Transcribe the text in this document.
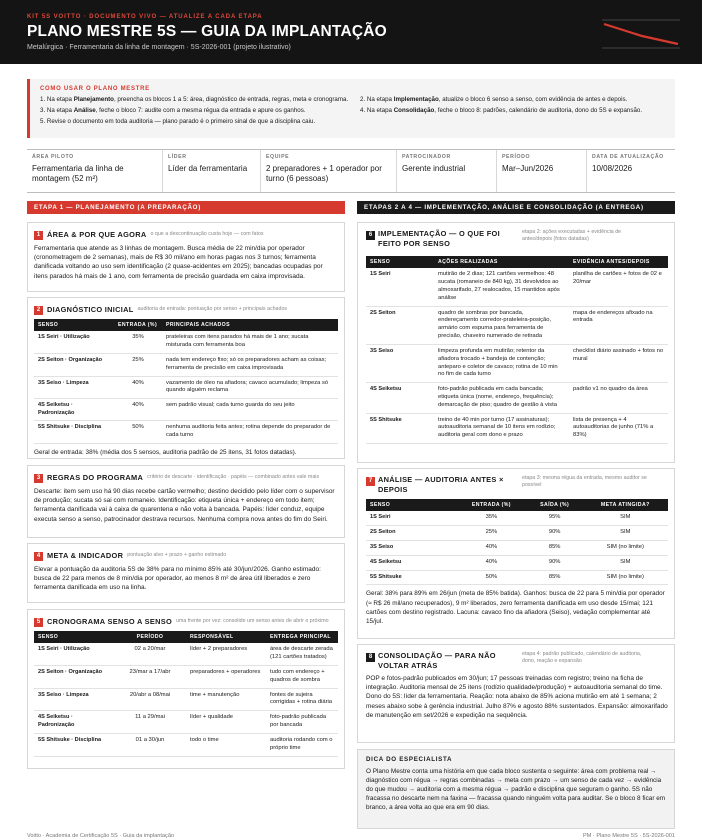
KIT 5S VOITTO · DOCUMENTO VIVO — ATUALIZE A CADA ETAPA
PLANO MESTRE 5S — GUIA DA IMPLANTAÇÃO
Metalúrgica · Ferramentaria da linha de montagem · 5S-2026-001 (projeto ilustrativo)
COMO USAR O PLANO MESTRE
1. Na etapa Planejamento, preencha os blocos 1 a 5: área, diagnóstico de entrada, regras, meta e cronograma.
3. Na etapa Análise, feche o bloco 7: audite com a mesma régua da entrada e apure os ganhos.
5. Revise o documento em toda auditoria — plano parado é o primeiro sinal de que a disciplina caiu.
2. Na etapa Implementação, atualize o bloco 6 senso a senso, com evidência de antes e depois.
4. Na etapa Consolidação, feche o bloco 8: padrões, calendário de auditoria, dono do 5S e expansão.
ÁREA PILOTO
Ferramentaria da linha de montagem (52 m²)
LÍDER
Líder da ferramentaria
EQUIPE
2 preparadores + 1 operador por turno (6 pessoas)
PATROCINADOR
Gerente industrial
PERÍODO
Mar–Jun/2026
DATA DE ATUALIZAÇÃO
10/08/2026
ETAPA 1 — PLANEJAMENTO (A PREPARAÇÃO)	ETAPAS 2 A 4 — IMPLEMENTAÇÃO, ANÁLISE E CONSOLIDAÇÃO (A ENTREGA)
1 ÁREA & POR QUE AGORA o que a descontinuação custa hoje — com fatos
Ferramentaria que atende as 3 linhas de montagem. Busca média de 22 min/dia por operador (cronometragem de 2 semanas), mais de R$ 30 mil/ano em horas pagas nos 3 turnos; ferramenta danificada voltando ao uso sem identificação (2 quase-acidentes em 2025); bancadas ocupadas por itens parados há mais de 1 ano, com ferramenta de precisão guardada em caixa improvisada.
2 DIAGNÓSTICO INICIAL auditoria de entrada: pontuação por senso + principais achados
SENSO	ENTRADA (%)	PRINCIPAIS ACHADOS
1S Seiri · Utilização	35%	prateleiras com itens parados há mais de 1 ano; sucata misturada com ferramenta boa
2S Seiton · Organização	25%	nada tem endereço fixo; só os preparadores acham as coisas; ferramenta de precisão em caixa improvisada
3S Seiso · Limpeza	40%	vazamento de óleo na afiadora; cavaco acumulado; limpeza só quando alguém reclama
4S Seiketsu · Padronização	40%	sem padrão visual; cada turno guarda do seu jeito
5S Shitsuke · Disciplina	50%	nenhuma auditoria feita antes; rotina depende do preparador de cada turno
Geral de entrada: 38% (média dos 5 sensos, auditoria padrão de 25 itens, 31 fotos datadas).
3 REGRAS DO PROGRAMA critério de descarte · identificação · papéis — combinado antes vale mais
Descarte: item sem uso há 90 dias recebe cartão vermelho; destino decidido pelo líder com o supervisor de produção; sucata só sai com romaneio. Identificação: etiqueta única + endereço em todo item; ferramenta danificada vai à caixa de quarentena e não volta à bancada. Papéis: líder conduz, equipe executa senso a senso, patrocinador destrava recursos. Nenhuma compra nova antes do fim do Seiri.
4 META & INDICADOR pontuação alvo + prazo + ganho estimado
Elevar a pontuação da auditoria 5S de 38% para no mínimo 85% até 30/jun/2026. Ganho estimado: busca de 22 para menos de 8 min/dia por operador, ao menos 8 m² de área útil liberados e zero ferramenta danificada em uso na linha.
5 CRONOGRAMA SENSO A SENSO uma frente por vez: consolide um senso antes de abrir o próximo
SENSO	PERÍODO	RESPONSÁVEL	ENTREGA PRINCIPAL
1S Seiri · Utilização	02 a 20/mar	líder + 2 preparadores	área de descarte zerada (121 cartões tratados)
2S Seiton · Organização	23/mar a 17/abr	preparadores + operadores	tudo com endereço + quadros de sombra
3S Seiso · Limpeza	20/abr a 08/mai	time + manutenção	fontes de sujeira corrigidas + rotina diária
4S Seiketsu · Padronização	11 a 29/mai	líder + qualidade	foto-padrão publicada por bancada
5S Shitsuke · Disciplina	01 a 30/jun	todo o time	auditoria rodando com o próprio time
6 IMPLEMENTAÇÃO — O QUE FOI FEITO POR SENSOetapa 2: ações executadas + evidência de antes/depois (fotos datadas)
SENSO	AÇÕES REALIZADAS	EVIDÊNCIA ANTES/DEPOIS
1S Seiri	mutirão de 2 dias; 121 cartões vermelhos: 48 sucata (romaneio de 840 kg), 31 devolvidos ao almoxarifado, 27 realocados, 15 mantidos após análise	planilha de cartões + fotos de 02 e 20/mar
2S Seiton	quadro de sombras por bancada, endereçamento corredor-prateleira-posição, armário com espuma para ferramenta de precisão, chaveiro numerado de retirada	mapa de endereços afixado na entrada
3S Seiso	limpeza profunda em mutirão; retentor da afiadora trocado + bandeja de contenção; anteparo e coletor de cavaco; rotina de 10 min no fim de cada turno	checklist diário assinado + fotos no mural
4S Seiketsu	foto-padrão publicada em cada bancada; etiqueta única (nome, endereço, frequência); demarcação de piso; quadro de gestão à vista	padrão v1 no quadro da área
5S Shitsuke	treino de 40 min por turno (17 assinaturas); autoauditoria semanal de 10 itens em rodízio; auditoria geral com dono e prazo	lista de presença + 4 autoauditorias de junho (71% a 83%)
7 ANÁLISE — AUDITORIA ANTES × DEPOISetapa 3: mesma régua da entrada, mesmo auditor se possível
SENSO	ENTRADA (%)	SAÍDA (%)	META ATINGIDA?
1S Seiri	35%	95%	SIM
2S Seiton	25%	90%	SIM
3S Seiso	40%	85%	SIM (no limite)
4S Seiketsu	40%	90%	SIM
5S Shitsuke	50%	85%	SIM (no limite)
Geral: 38% para 89% em 26/jun (meta de 85% batida). Ganhos: busca de 22 para 5 min/dia por operador (≈ R$ 26 mil/ano recuperados), 9 m² liberados, zero ferramenta danificada em uso desde 15/mai; 121 cartões com destino registrado. Lacuna: cavaco fino da afiadora (Seiso), vedação complementar até 15/jul.
8 CONSOLIDAÇÃO — PARA NÃO VOLTAR ATRÁSetapa 4: padrão publicado, calendário de auditoria, dono, reação e expansão
POP e fotos-padrão publicados em 30/jun; 17 pessoas treinadas com registro; treino na ficha de integração. Auditoria mensal de 25 itens (rodízio qualidade/produção) + autoauditoria semanal do time. Dono do 5S: líder da ferramentaria. Reação: nota abaixo de 85% aciona mutirão em até 1 semana; 2 meses abaixo sobe à gerência industrial. Julho 87% e agosto 88% sustentados. Expansão: almoxarifado de manutenção em set/2026 e expedição na sequência.
DICA DO ESPECIALISTA
O Plano Mestre conta uma história em que cada bloco sustenta o seguinte: área com problema real → diagnóstico com régua → regras combinadas → meta com prazo → um senso de cada vez → evidência do que mudou → auditoria com a mesma régua → padrão e disciplina que seguram o ganho. 5S não fracassa no descarte nem na faxina — fracassa quando ninguém volta para auditar. Se o bloco 8 ficar em branco, a área volta ao que era em 90 dias.
Voitto · Academia de Certificação 5S · Guia da implantação	PM · Plano Mestre 5S · 5S-2026-001
